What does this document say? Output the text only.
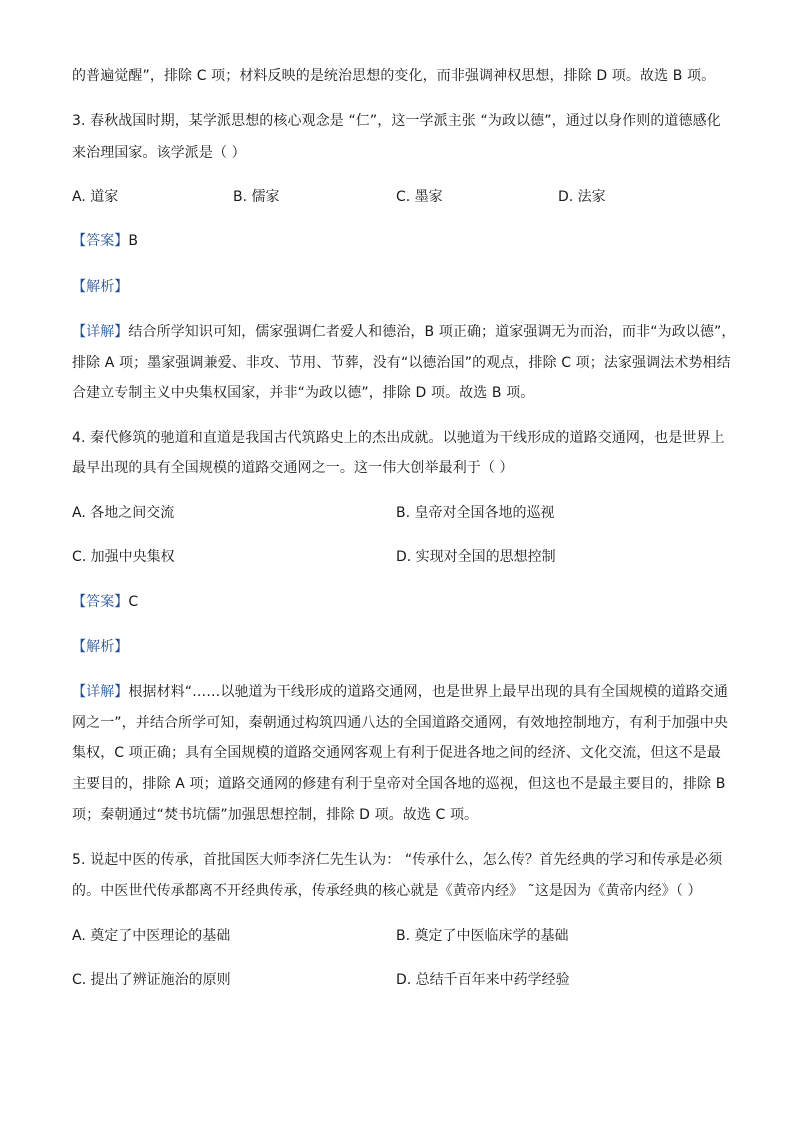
的普遍觉醒”，排除 C 项；材料反映的是统治思想的变化，而非强调神权思想，排除 D 项。故选 B 项。
3. 春秋战国时期，某学派思想的核心观念是 “仁”，这一学派主张 “为政以德”，通过以身作则的道德感化
来治理国家。该学派是（ ）
A. 道家	B. 儒家	C. 墨家	D. 法家
【答案】B
【解析】
【详解】结合所学知识可知，儒家强调仁者爱人和德治，B 项正确；道家强调无为而治，而非“为政以德”，
排除 A 项；墨家强调兼爱、非攻、节用、节葬，没有“以德治国”的观点，排除 C 项；法家强调法术势相结
合建立专制主义中央集权国家，并非“为政以德”，排除 D 项。故选 B 项。
4. 秦代修筑的驰道和直道是我国古代筑路史上的杰出成就。以驰道为干线形成的道路交通网，也是世界上
最早出现的具有全国规模的道路交通网之一。这一伟大创举最利于（ ）
A. 各地之间交流	B. 皇帝对全国各地的巡视
C. 加强中央集权	D. 实现对全国的思想控制
【答案】C
【解析】
【详解】根据材料“……以驰道为干线形成的道路交通网，也是世界上最早出现的具有全国规模的道路交通
网之一”，并结合所学可知，秦朝通过构筑四通八达的全国道路交通网，有效地控制地方，有利于加强中央
集权，C 项正确；具有全国规模的道路交通网客观上有利于促进各地之间的经济、文化交流，但这不是最
主要目的，排除 A 项；道路交通网的修建有利于皇帝对全国各地的巡视，但这也不是最主要目的，排除 B
项；秦朝通过“焚书坑儒”加强思想控制，排除 D 项。故选 C 项。
5. 说起中医的传承，首批国医大师李济仁先生认为： “传承什么，怎么传？首先经典的学习和传承是必须
的。中医世代传承都离不开经典传承，传承经典的核心就是《黄帝内经》 ˜这是因为《黄帝内经》（ ）
A. 奠定了中医理论的基础	B. 奠定了中医临床学的基础
C. 提出了辨证施治的原则	D. 总结千百年来中药学经验
